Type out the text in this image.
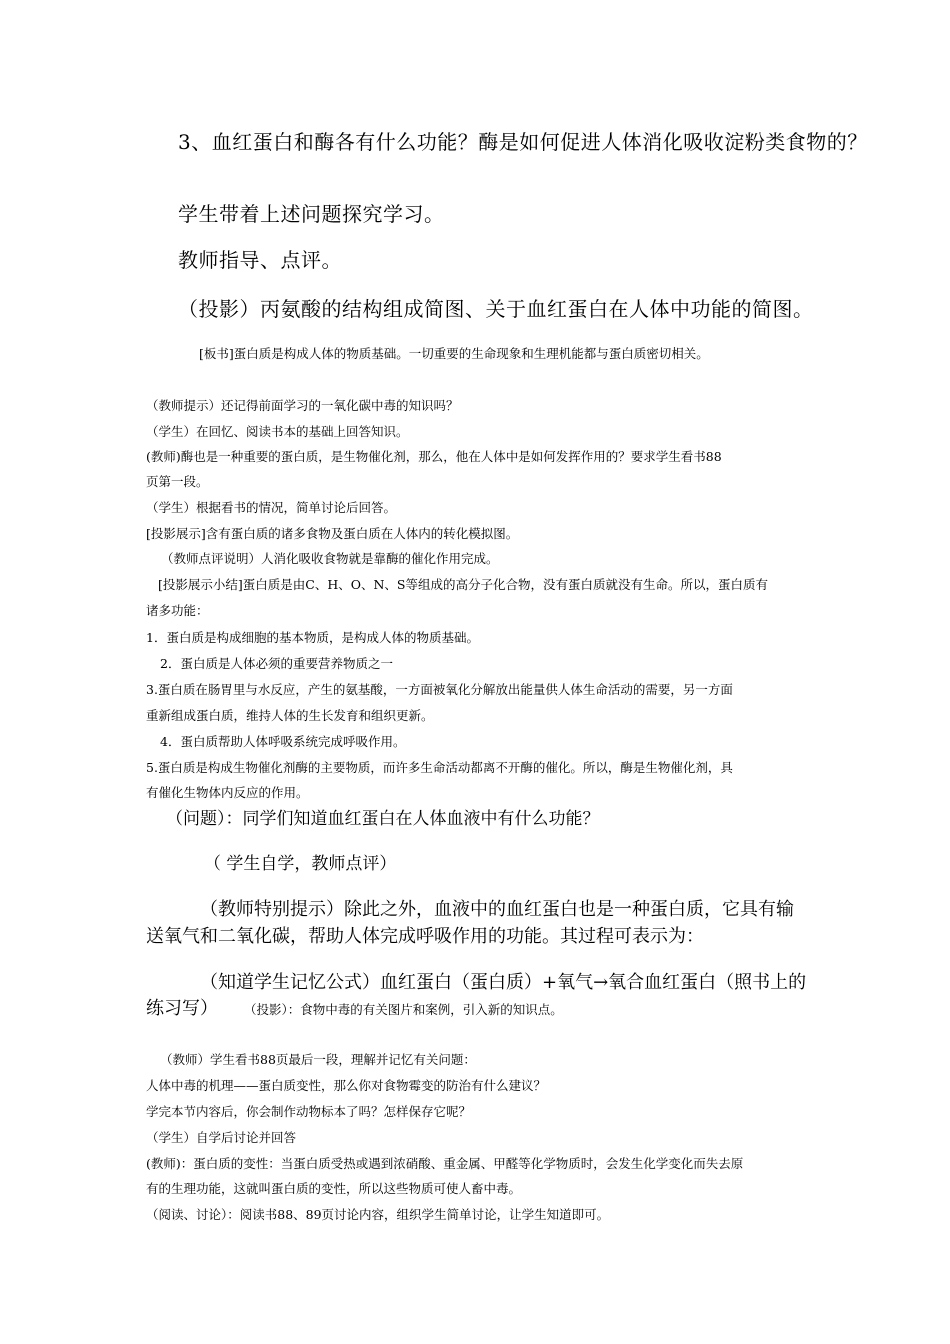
3、血红蛋白和酶各有什么功能？酶是如何促进人体消化吸收淀粉类食物的？

学生带着上述问题探究学习。

教师指导、点评。

（投影）丙氨酸的结构组成简图、关于血红蛋白在人体中功能的简图。

[板书]蛋白质是构成人体的物质基础。一切重要的生命现象和生理机能都与蛋白质密切相关。

（教师提示）还记得前面学习的一氧化碳中毒的知识吗？

（学生）在回忆、阅读书本的基础上回答知识。

(教师)酶也是一种重要的蛋白质，是生物催化剂，那么，他在人体中是如何发挥作用的？要求学生看书88

页第一段。

（学生）根据看书的情况，简单讨论后回答。

[投影展示]含有蛋白质的诸多食物及蛋白质在人体内的转化模拟图。

（教师点评说明）人消化吸收食物就是靠酶的催化作用完成。

[投影展示小结]蛋白质是由C、H、O、N、S等组成的高分子化合物，没有蛋白质就没有生命。所以，蛋白质有

诸多功能：

1．蛋白质是构成细胞的基本物质，是构成人体的物质基础。

2．蛋白质是人体必须的重要营养物质之一

3.蛋白质在肠胃里与水反应，产生的氨基酸，一方面被氧化分解放出能量供人体生命活动的需要，另一方面

重新组成蛋白质，维持人体的生长发育和组织更新。

4．蛋白质帮助人体呼吸系统完成呼吸作用。

5.蛋白质是构成生物催化剂酶的主要物质，而许多生命活动都离不开酶的催化。所以，酶是生物催化剂，具

有催化生物体内反应的作用。

（问题）：同学们知道血红蛋白在人体血液中有什么功能？

（ 学生自学，教师点评）

（教师特别提示）除此之外，血液中的血红蛋白也是一种蛋白质，它具有输

送氧气和二氧化碳，帮助人体完成呼吸作用的功能。其过程可表示为：

（知道学生记忆公式）血红蛋白（蛋白质）+氧气→氧合血红蛋白（照书上的

练习写） （投影）：食物中毒的有关图片和案例，引入新的知识点。

（教师）学生看书88页最后一段，理解并记忆有关问题：

人体中毒的机理——蛋白质变性，那么你对食物霉变的防治有什么建议？

学完本节内容后，你会制作动物标本了吗？怎样保存它呢？

（学生）自学后讨论并回答

(教师)：蛋白质的变性：当蛋白质受热或遇到浓硝酸、重金属、甲醛等化学物质时，会发生化学变化而失去原

有的生理功能，这就叫蛋白质的变性，所以这些物质可使人畜中毒。

（阅读、讨论）：阅读书88、89页讨论内容，组织学生简单讨论，让学生知道即可。
